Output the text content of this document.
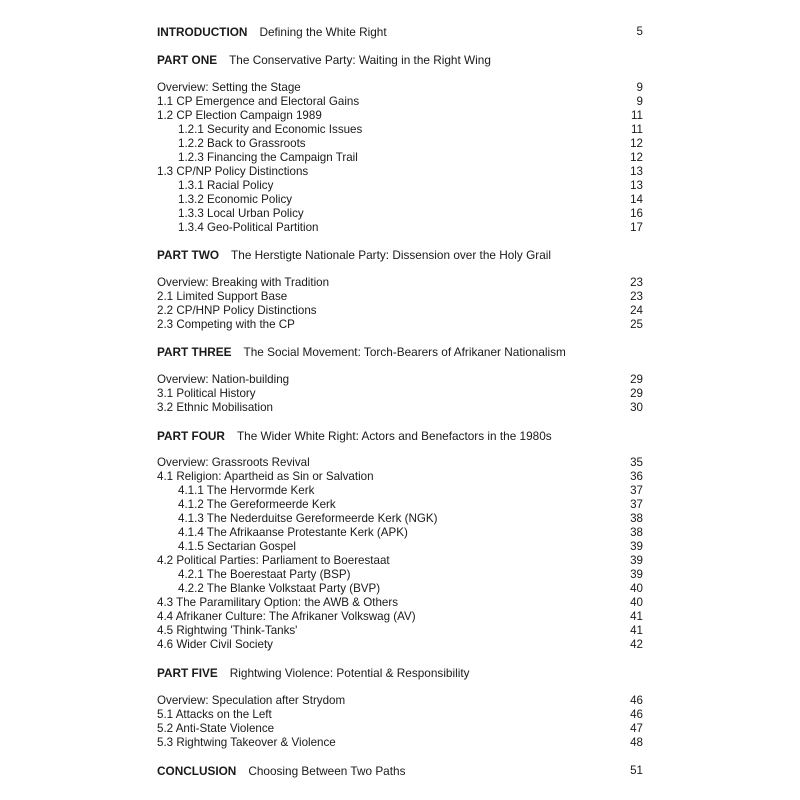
INTRODUCTION Defining the White Right	5
PART ONE The Conservative Party: Waiting in the Right Wing
Overview: Setting the Stage	9
1.1 CP Emergence and Electoral Gains	9
1.2 CP Election Campaign 1989	11
1.2.1 Security and Economic Issues	11
1.2.2 Back to Grassroots	12
1.2.3 Financing the Campaign Trail	12
1.3 CP/NP Policy Distinctions	13
1.3.1 Racial Policy	13
1.3.2 Economic Policy	14
1.3.3 Local Urban Policy	16
1.3.4 Geo-Political Partition	17
PART TWO The Herstigte Nationale Party: Dissension over the Holy Grail
Overview: Breaking with Tradition	23
2.1 Limited Support Base	23
2.2 CP/HNP Policy Distinctions	24
2.3 Competing with the CP	25
PART THREE The Social Movement: Torch-Bearers of Afrikaner Nationalism
Overview: Nation-building	29
3.1 Political History	29
3.2 Ethnic Mobilisation	30
PART FOUR The Wider White Right: Actors and Benefactors in the 1980s
Overview: Grassroots Revival	35
4.1 Religion: Apartheid as Sin or Salvation	36
4.1.1 The Hervormde Kerk	37
4.1.2 The Gereformeerde Kerk	37
4.1.3 The Nederduitse Gereformeerde Kerk (NGK)	38
4.1.4 The Afrikaanse Protestante Kerk (APK)	38
4.1.5 Sectarian Gospel	39
4.2 Political Parties: Parliament to Boerestaat	39
4.2.1 The Boerestaat Party (BSP)	39
4.2.2 The Blanke Volkstaat Party (BVP)	40
4.3 The Paramilitary Option: the AWB & Others	40
4.4 Afrikaner Culture: The Afrikaner Volkswag (AV)	41
4.5 Rightwing 'Think-Tanks'	41
4.6 Wider Civil Society	42
PART FIVE Rightwing Violence: Potential & Responsibility
Overview: Speculation after Strydom	46
5.1 Attacks on the Left	46
5.2 Anti-State Violence	47
5.3 Rightwing Takeover & Violence	48
CONCLUSION Choosing Between Two Paths	51
